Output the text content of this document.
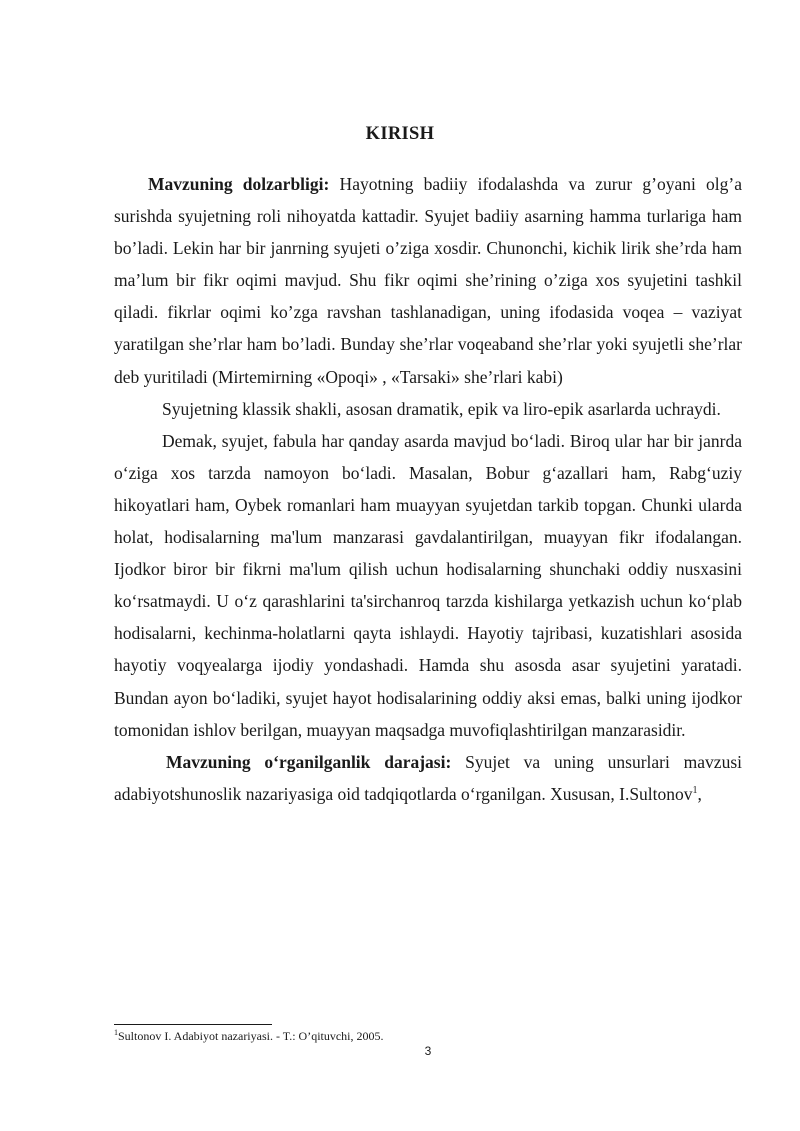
KIRISH

Mavzuning dolzarbligi: Hayotning badiiy ifodalashda va zurur g’oyani olg’a surishda syujetning roli nihoyatda kattadir. Syujet badiiy asarning hamma turlariga ham bo’ladi. Lekin har bir janrning syujeti o’ziga xosdir. Chunonchi, kichik lirik she’rda ham ma’lum bir fikr oqimi mavjud. Shu fikr oqimi she’rining o’ziga xos syujetini tashkil qiladi. fikrlar oqimi ko’zga ravshan tashlanadigan, uning ifodasida voqea – vaziyat yaratilgan she’rlar ham bo’ladi. Bunday she’rlar voqeaband she’rlar yoki syujetli she’rlar deb yuritiladi (Mirtemirning «Opoqi» , «Tarsaki» she’rlari kabi)

Syujetning klassik shakli, asosan dramatik, epik va liro-epik asarlarda uchraydi.

Demak, syujet, fabula har qanday asarda mavjud bo‘ladi. Biroq ular har bir janrda o‘ziga xos tarzda namoyon bo‘ladi. Masalan, Bobur g‘azallari ham, Rabg‘uziy hikoyatlari ham, Oybek romanlari ham muayyan syujetdan tarkib topgan. Chunki ularda holat, hodisalarning ma'lum manzarasi gavdalantirilgan, muayyan fikr ifodalangan. Ijodkor biror bir fikrni ma'lum qilish uchun hodisalarning shunchaki oddiy nusxasini ko‘rsatmaydi. U o‘z qarashlarini ta'sirchanroq tarzda kishilarga yetkazish uchun ko‘plab hodisalarni, kechinma-holatlarni qayta ishlaydi. Hayotiy tajribasi, kuzatishlari asosida hayotiy voqyealarga ijodiy yondashadi. Hamda shu asosda asar syujetini yaratadi. Bundan ayon bo‘ladiki, syujet hayot hodisalarining oddiy aksi emas, balki uning ijodkor tomonidan ishlov berilgan, muayyan maqsadga muvofiqlashtirilgan manzarasidir.

Mavzuning o‘rganilganlik darajasi: Syujet va uning unsurlari mavzusi adabiyotshunoslik nazariyasiga oid tadqiqotlarda o‘rganilgan. Xususan, I.Sultonov$^1$,

$^1$Sultonov I. Adabiyot nazariyasi. - T.: O’qituvchi, 2005.
3
